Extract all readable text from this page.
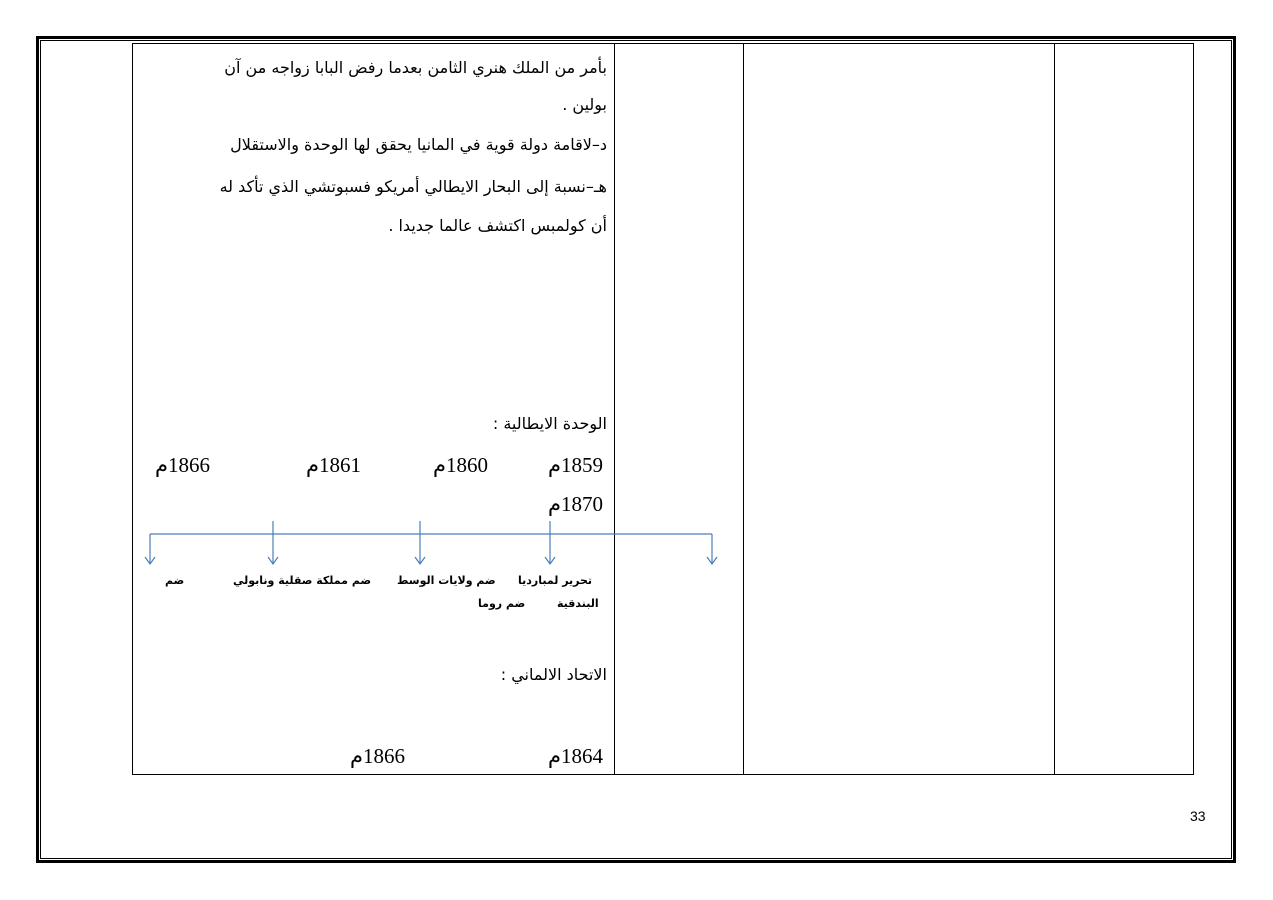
بأمر من الملك هنري الثامن بعدما رفض البابا زواجه من آن
بولين .
د–لاقامة دولة قوية في المانيا يحقق لها الوحدة والاستقلال
هـ–نسبة إلى البحار الايطالي أمريكو فسبوتشي الذي تأكد له
أن كولمبس اكتشف عالما جديدا .
الوحدة الايطالية :
1859م
1860م
1861م
1866م
1870م
تحرير لمبارديا
ضم ولايات الوسط
ضم مملكة صقلية ونابولي
ضم
البندقية
ضم روما
الاتحاد الالماني :
1864م
1866م
33
